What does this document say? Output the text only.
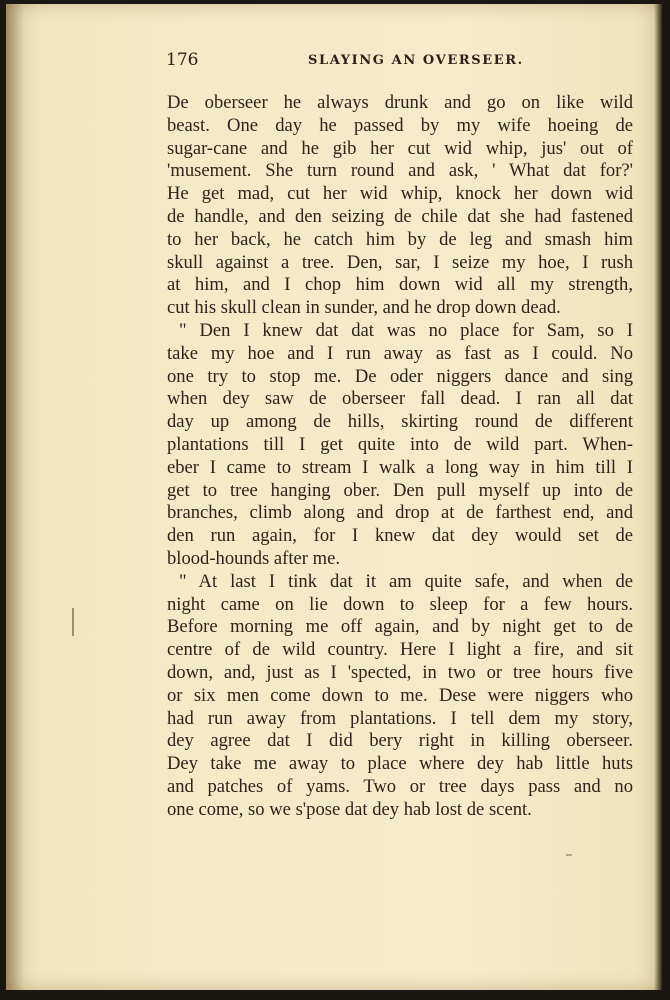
176	SLAYING AN OVERSEER.
De oberseer he always drunk and go on like wild
beast. One day he passed by my wife hoeing de
sugar-cane and he gib her cut wid whip, jus' out of
'musement. She turn round and ask, ' What dat for?'
He get mad, cut her wid whip, knock her down wid
de handle, and den seizing de chile dat she had fastened
to her back, he catch him by de leg and smash him
skull against a tree. Den, sar, I seize my hoe, I rush
at him, and I chop him down wid all my strength,
cut his skull clean in sunder, and he drop down dead.
" Den I knew dat dat was no place for Sam, so I
take my hoe and I run away as fast as I could. No
one try to stop me. De oder niggers dance and sing
when dey saw de oberseer fall dead. I ran all dat
day up among de hills, skirting round de different
plantations till I get quite into de wild part. When-
eber I came to stream I walk a long way in him till I
get to tree hanging ober. Den pull myself up into de
branches, climb along and drop at de farthest end, and
den run again, for I knew dat dey would set de
blood-hounds after me.
" At last I tink dat it am quite safe, and when de
night came on lie down to sleep for a few hours.
Before morning me off again, and by night get to de
centre of de wild country. Here I light a fire, and sit
down, and, just as I 'spected, in two or tree hours five
or six men come down to me. Dese were niggers who
had run away from plantations. I tell dem my story,
dey agree dat I did bery right in killing oberseer.
Dey take me away to place where dey hab little huts
and patches of yams. Two or tree days pass and no
one come, so we s'pose dat dey hab lost de scent.
